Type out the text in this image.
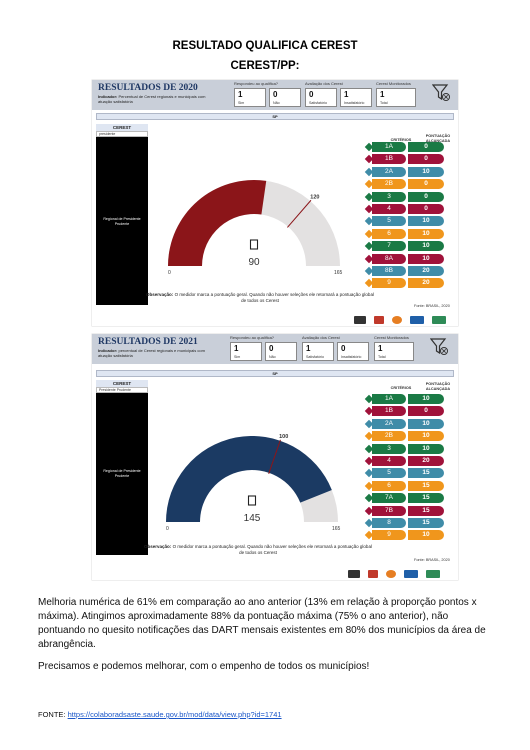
RESULTADO QUALIFICA CEREST
CEREST/PP:
RESULTADOS DE 2020
Indicador: Percentual de Cerest regionais e municipais com atuação satisfatória
Respondeu ao qualifica?
1
Sim
0
Não
Avaliação dos Cerest
0
Satisfatório
1
Insatisfatório
Cerest Monitorados
1
Total
SP
CEREST
presidente
Regional de Presidente
Prudente
120
0	165
90
Observação: O medidor marca a pontuação geral. Quando não houver seleções ele retornará a pontuação global de todos os Cerest
CRITÉRIOS
PONTUAÇÃO
ALCANÇADA
Fonte: BRASIL, 2020
RESULTADOS DE 2021
Indicador: percentual de Cerest regionais e municipais com atuação satisfatória
Respondeu ao qualifica?
1
Sim
0
Não
Avaliação dos Cerest
1
Satisfatório
0
Insatisfatório
Cerest Monitorados
1
Total
SP
CEREST
Presidente Prudente
Regional de Presidente
Prudente
100
0	165
145
Observação: O medidor marca a pontuação geral. Quando não houver seleções ele retornará a pontuação global de todos os Cerest
CRITÉRIOS
PONTUAÇÃO
ALCANÇADA
Fonte: BRASIL, 2020
Melhoria numérica de 61% em comparação ao ano anterior (13% em relação à proporção pontos x máxima). Atingimos aproximadamente 88% da pontuação máxima (75% o ano anterior), não pontuando no quesito notificações das DART mensais existentes em 80% dos municípios da área de abrangência.
Precisamos e podemos melhorar, com o empenho de todos os municípios!
FONTE: https://colaboradsaste.saude.gov.br/mod/data/view.php?id=1741
1A	0
1B	0
2A	10
2B	0
3	0
4	0
5	10
6	10
7	10
8A	10
8B	20
9	20
1A	10
1B	0
2A	10
2B	10
3	10
4	20
5	15
6	15
7A	15
7B	15
8	15
9	10
